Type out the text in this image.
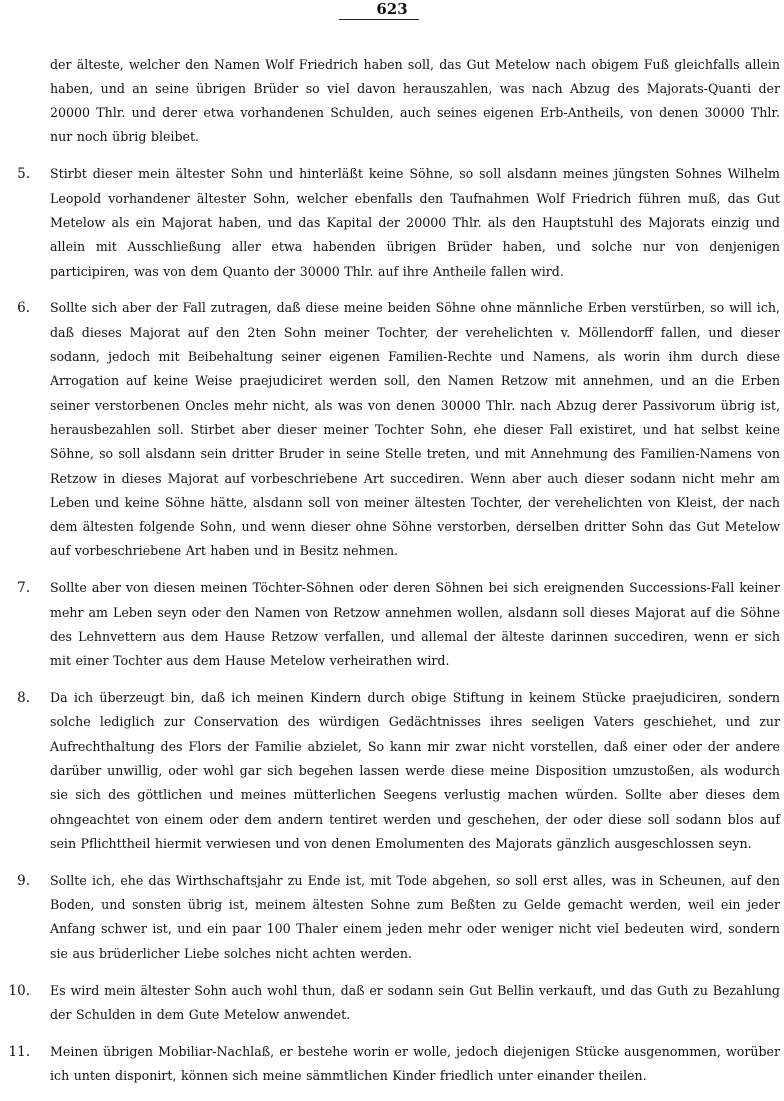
623

der älteste, welcher den Namen Wolf Friedrich haben soll, das Gut Metelow nach obigem Fuß gleichfalls allein haben, und an seine übrigen Brüder so viel davon herauszahlen, was nach Abzug des Majorats-Quanti der 20000 Thlr. und derer etwa vorhandenen Schulden, auch seines eigenen Erb-Antheils, von denen 30000 Thlr. nur noch übrig bleibet.

5. Stirbt dieser mein ältester Sohn und hinterläßt keine Söhne, so soll alsdann meines jüngsten Sohnes Wilhelm Leopold vorhandener ältester Sohn, welcher ebenfalls den Taufnahmen Wolf Friedrich führen muß, das Gut Metelow als ein Majorat haben, und das Kapital der 20000 Thlr. als den Hauptstuhl des Majorats einzig und allein mit Ausschließung aller etwa habenden übrigen Brüder haben, und solche nur von denjenigen participiren, was von dem Quanto der 30000 Thlr. auf ihre Antheile fallen wird.

6. Sollte sich aber der Fall zutragen, daß diese meine beiden Söhne ohne männliche Erben verstürben, so will ich, daß dieses Majorat auf den 2ten Sohn meiner Tochter, der verehelichten v. Möllendorff fallen, und dieser sodann, jedoch mit Beibehaltung seiner eigenen Familien-Rechte und Namens, als worin ihm durch diese Arrogation auf keine Weise praejudiciret werden soll, den Namen Retzow mit annehmen, und an die Erben seiner verstorbenen Oncles mehr nicht, als was von denen 30000 Thlr. nach Abzug derer Passivorum übrig ist, herausbezahlen soll. Stirbet aber dieser meiner Tochter Sohn, ehe dieser Fall existiret, und hat selbst keine Söhne, so soll alsdann sein dritter Bruder in seine Stelle treten, und mit Annehmung des Familien-Namens von Retzow in dieses Majorat auf vorbeschriebene Art succediren. Wenn aber auch dieser sodann nicht mehr am Leben und keine Söhne hätte, alsdann soll von meiner ältesten Tochter, der verehelichten von Kleist, der nach dem ältesten folgende Sohn, und wenn dieser ohne Söhne verstorben, derselben dritter Sohn das Gut Metelow auf vorbeschriebene Art haben und in Besitz nehmen.

7. Sollte aber von diesen meinen Töchter-Söhnen oder deren Söhnen bei sich ereignenden Successions-Fall keiner mehr am Leben seyn oder den Namen von Retzow annehmen wollen, alsdann soll dieses Majorat auf die Söhne des Lehnvettern aus dem Hause Retzow verfallen, und allemal der älteste darinnen succediren, wenn er sich mit einer Tochter aus dem Hause Metelow verheirathen wird.

8. Da ich überzeugt bin, daß ich meinen Kindern durch obige Stiftung in keinem Stücke praejudiciren, sondern solche lediglich zur Conservation des würdigen Gedächtnisses ihres seeligen Vaters geschiehet, und zur Aufrechthaltung des Flors der Familie abzielet, So kann mir zwar nicht vorstellen, daß einer oder der andere darüber unwillig, oder wohl gar sich begehen lassen werde diese meine Disposition umzustoßen, als wodurch sie sich des göttlichen und meines mütterlichen Seegens verlustig machen würden. Sollte aber dieses dem ohngeachtet von einem oder dem andern tentiret werden und geschehen, der oder diese soll sodann blos auf sein Pflichttheil hiermit verwiesen und von denen Emolumenten des Majorats gänzlich ausgeschlossen seyn.

9. Sollte ich, ehe das Wirthschaftsjahr zu Ende ist, mit Tode abgehen, so soll erst alles, was in Scheunen, auf den Boden, und sonsten übrig ist, meinem ältesten Sohne zum Beßten zu Gelde gemacht werden, weil ein jeder Anfang schwer ist, und ein paar 100 Thaler einem jeden mehr oder weniger nicht viel bedeuten wird, sondern sie aus brüderlicher Liebe solches nicht achten werden.

10. Es wird mein ältester Sohn auch wohl thun, daß er sodann sein Gut Bellin verkauft, und das Guth zu Bezahlung der Schulden in dem Gute Metelow anwendet.

11. Meinen übrigen Mobiliar-Nachlaß, er bestehe worin er wolle, jedoch diejenigen Stücke ausgenommen, worüber ich unten disponirt, können sich meine sämmtlichen Kinder friedlich unter einander theilen.
